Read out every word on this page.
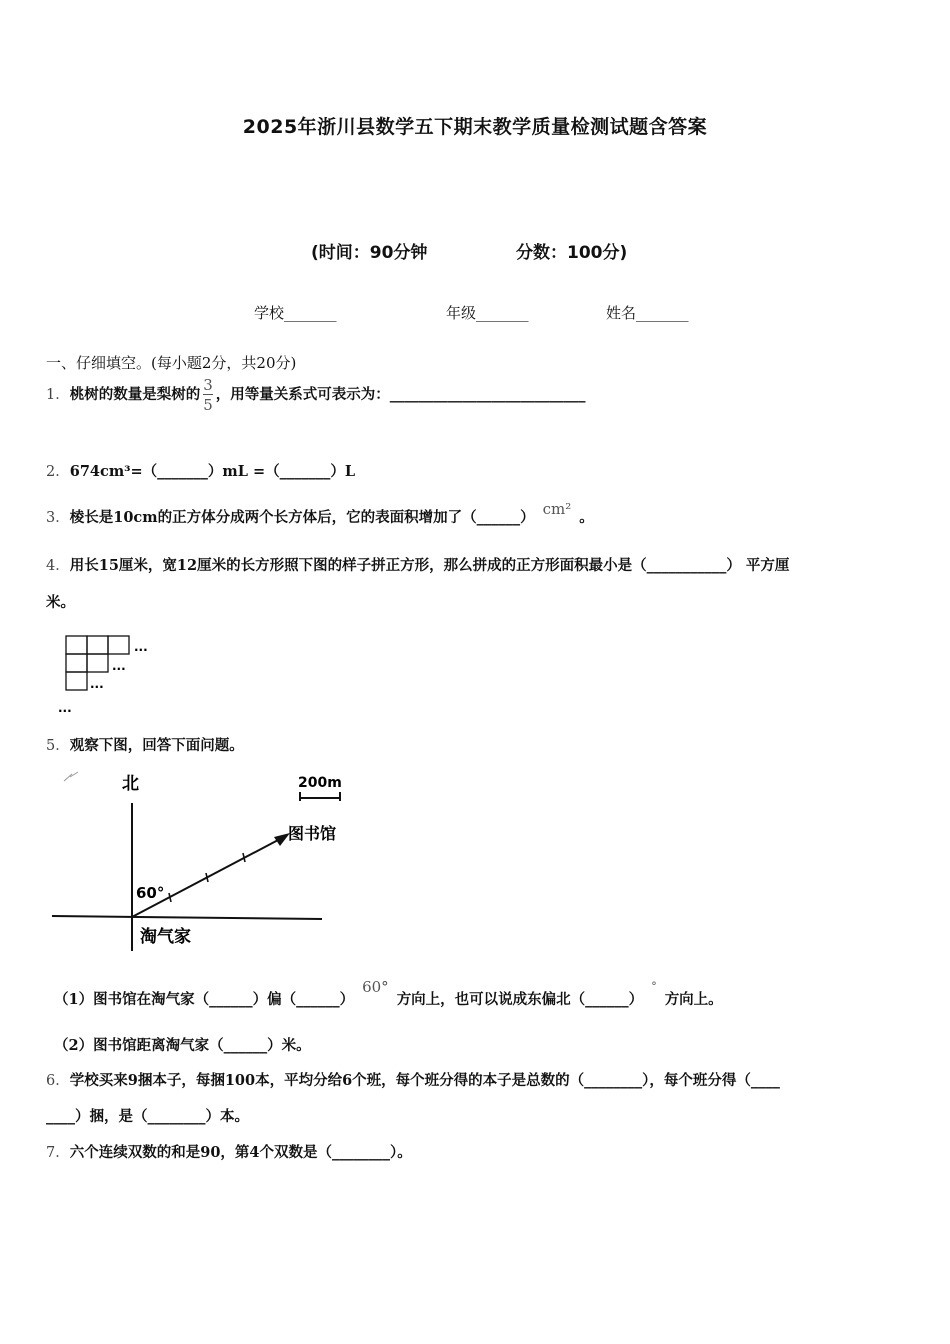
2025年浙川县数学五下期末教学质量检测试题含答案
(时间：90分钟	分数：100分)
学校_______	年级_______	姓名_______
一、仔细填空。(每小题2分，共20分)
1．桃树的数量是梨树的 $\frac{3}{5}$ ，用等量关系式可表示为：___________________________
2．674cm³=（_______）mL =（_______）L
3．棱长是10cm的正方体分成两个长方体后，它的表面积增加了（______） cm² 。
4．用长15厘米，宽12厘米的长方形照下图的样子拼正方形，那么拼成的正方形面积最小是（___________） 平方厘
米。
...
...
...
...
5．观察下图，回答下面问题。
北	200m
图书馆
60°
淘气家
（1）图书馆在淘气家（______）偏（______）60°方向上，也可以说成东偏北（______）°方向上。
（2）图书馆距离淘气家（______）米。
6．学校买来9捆本子，每捆100本，平均分给6个班，每个班分得的本子是总数的（________），每个班分得（____
____）捆，是（________）本。
7．六个连续双数的和是90，第4个双数是（________）。
